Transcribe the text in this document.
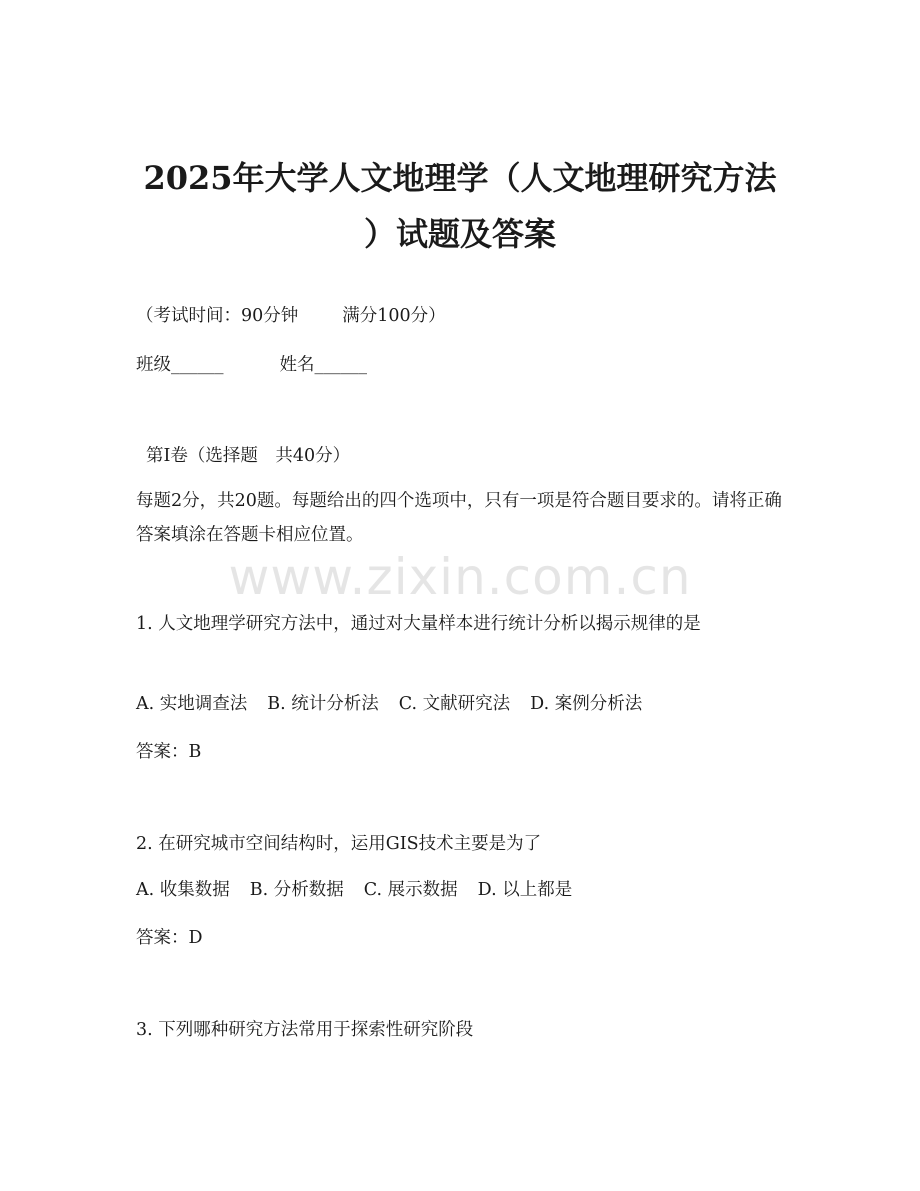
2025年大学人文地理学（人文地理研究方法
）试题及答案
（考试时间：90分钟	满分100分）
班级______	姓名______
第I卷（选择题　共40分）
每题2分，共20题。每题给出的四个选项中，只有一项是符合题目要求的。请将正确答案填涂在答题卡相应位置。
www.zixin.com.cn
1. 人文地理学研究方法中，通过对大量样本进行统计分析以揭示规律的是
A. 实地调查法 B. 统计分析法 C. 文献研究法 D. 案例分析法
答案：B
2. 在研究城市空间结构时，运用GIS技术主要是为了
A. 收集数据 B. 分析数据 C. 展示数据 D. 以上都是
答案：D
3. 下列哪种研究方法常用于探索性研究阶段
